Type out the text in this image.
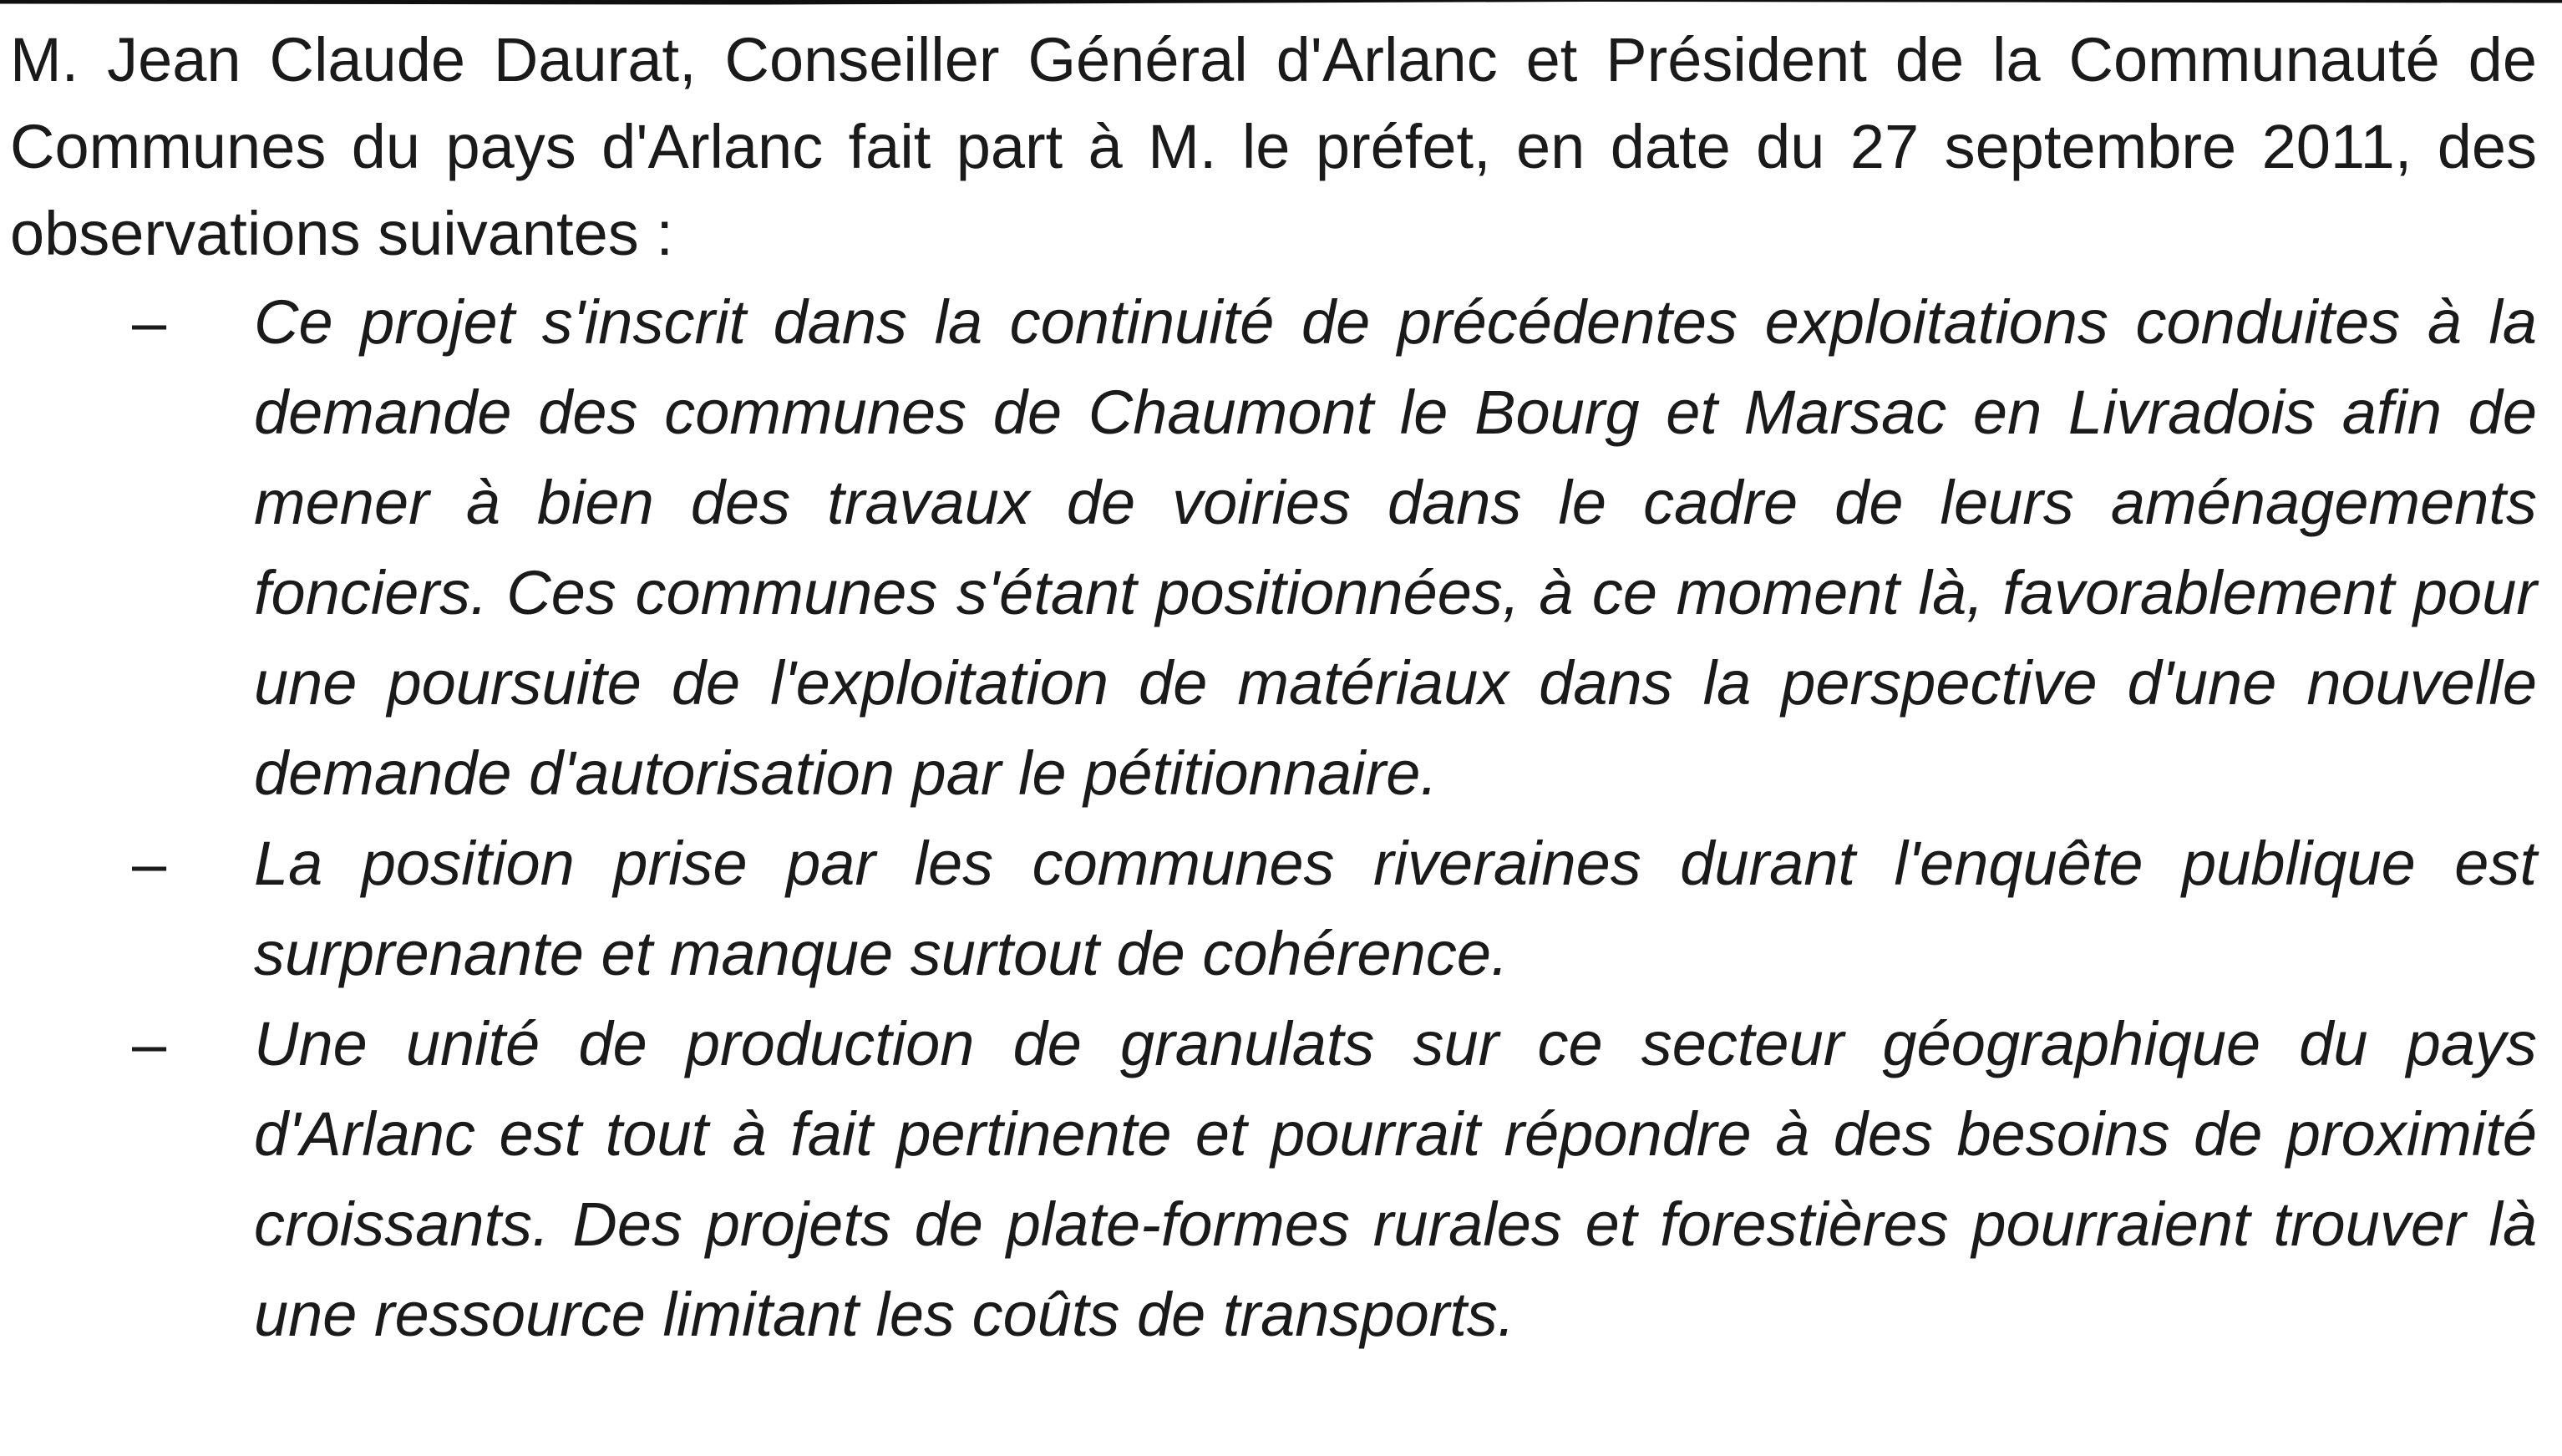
M. Jean Claude Daurat, Conseiller Général d'Arlanc et Président de la Communauté de Communes du pays d'Arlanc fait part à M. le préfet, en date du 27 septembre 2011, des observations suivantes :

– Ce projet s'inscrit dans la continuité de précédentes exploitations conduites à la demande des communes de Chaumont le Bourg et Marsac en Livradois afin de mener à bien des travaux de voiries dans le cadre de leurs aménagements fonciers. Ces communes s'étant positionnées, à ce moment là, favorablement pour une poursuite de l'exploitation de matériaux dans la perspective d'une nouvelle demande d'autorisation par le pétitionnaire.
– La position prise par les communes riveraines durant l'enquête publique est surprenante et manque surtout de cohérence.
– Une unité de production de granulats sur ce secteur géographique du pays d'Arlanc est tout à fait pertinente et pourrait répondre à des besoins de proximité croissants. Des projets de plate-formes rurales et forestières pourraient trouver là une ressource limitant les coûts de transports.
